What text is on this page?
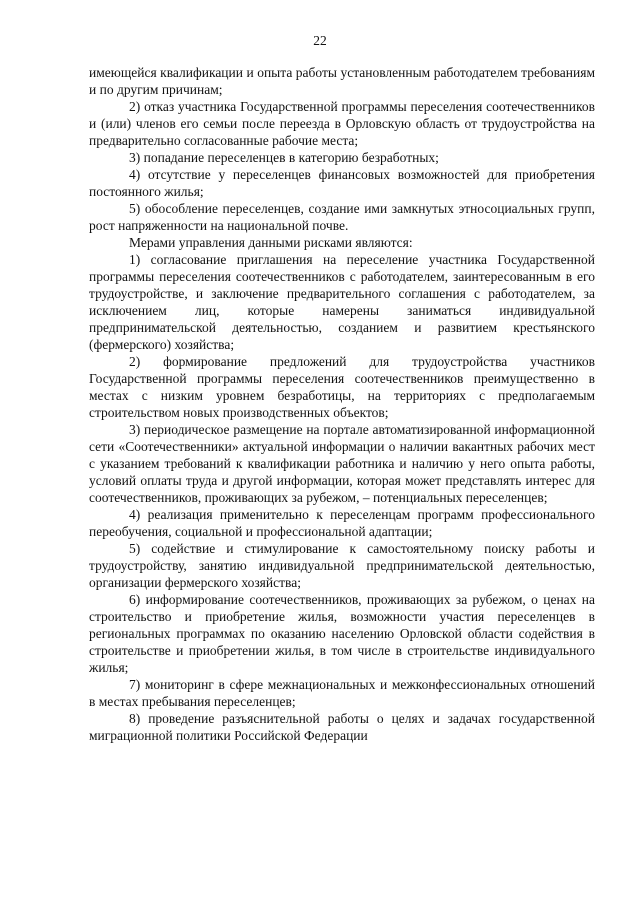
22

имеющейся квалификации и опыта работы установленным работодателем требованиям и по другим причинам;

2) отказ участника Государственной программы переселения соотечественников и (или) членов его семьи после переезда в Орловскую область от трудоустройства на предварительно согласованные рабочие места;

3) попадание переселенцев в категорию безработных;

4) отсутствие у переселенцев финансовых возможностей для приобретения постоянного жилья;

5) обособление переселенцев, создание ими замкнутых этносоциальных групп, рост напряженности на национальной почве.

Мерами управления данными рисками являются:

1) согласование приглашения на переселение участника Государственной программы переселения соотечественников с работодателем, заинтересованным в его трудоустройстве, и заключение предварительного соглашения с работодателем, за исключением лиц, которые намерены заниматься индивидуальной предпринимательской деятельностью, созданием и развитием крестьянского (фермерского) хозяйства;

2) формирование предложений для трудоустройства участников Государственной программы переселения соотечественников преимущественно в местах с низким уровнем безработицы, на территориях с предполагаемым строительством новых производственных объектов;

3) периодическое размещение на портале автоматизированной информационной сети «Соотечественники» актуальной информации о наличии вакантных рабочих мест с указанием требований к квалификации работника и наличию у него опыта работы, условий оплаты труда и другой информации, которая может представлять интерес для соотечественников, проживающих за рубежом, – потенциальных переселенцев;

4) реализация применительно к переселенцам программ профессионального переобучения, социальной и профессиональной адаптации;

5) содействие и стимулирование к самостоятельному поиску работы и трудоустройству, занятию индивидуальной предпринимательской деятельностью, организации фермерского хозяйства;

6) информирование соотечественников, проживающих за рубежом, о ценах на строительство и приобретение жилья, возможности участия переселенцев в региональных программах по оказанию населению Орловской области содействия в строительстве и приобретении жилья, в том числе в строительстве индивидуального жилья;

7) мониторинг в сфере межнациональных и межконфессиональных отношений в местах пребывания переселенцев;

8) проведение разъяснительной работы о целях и задачах государственной миграционной политики Российской Федерации
